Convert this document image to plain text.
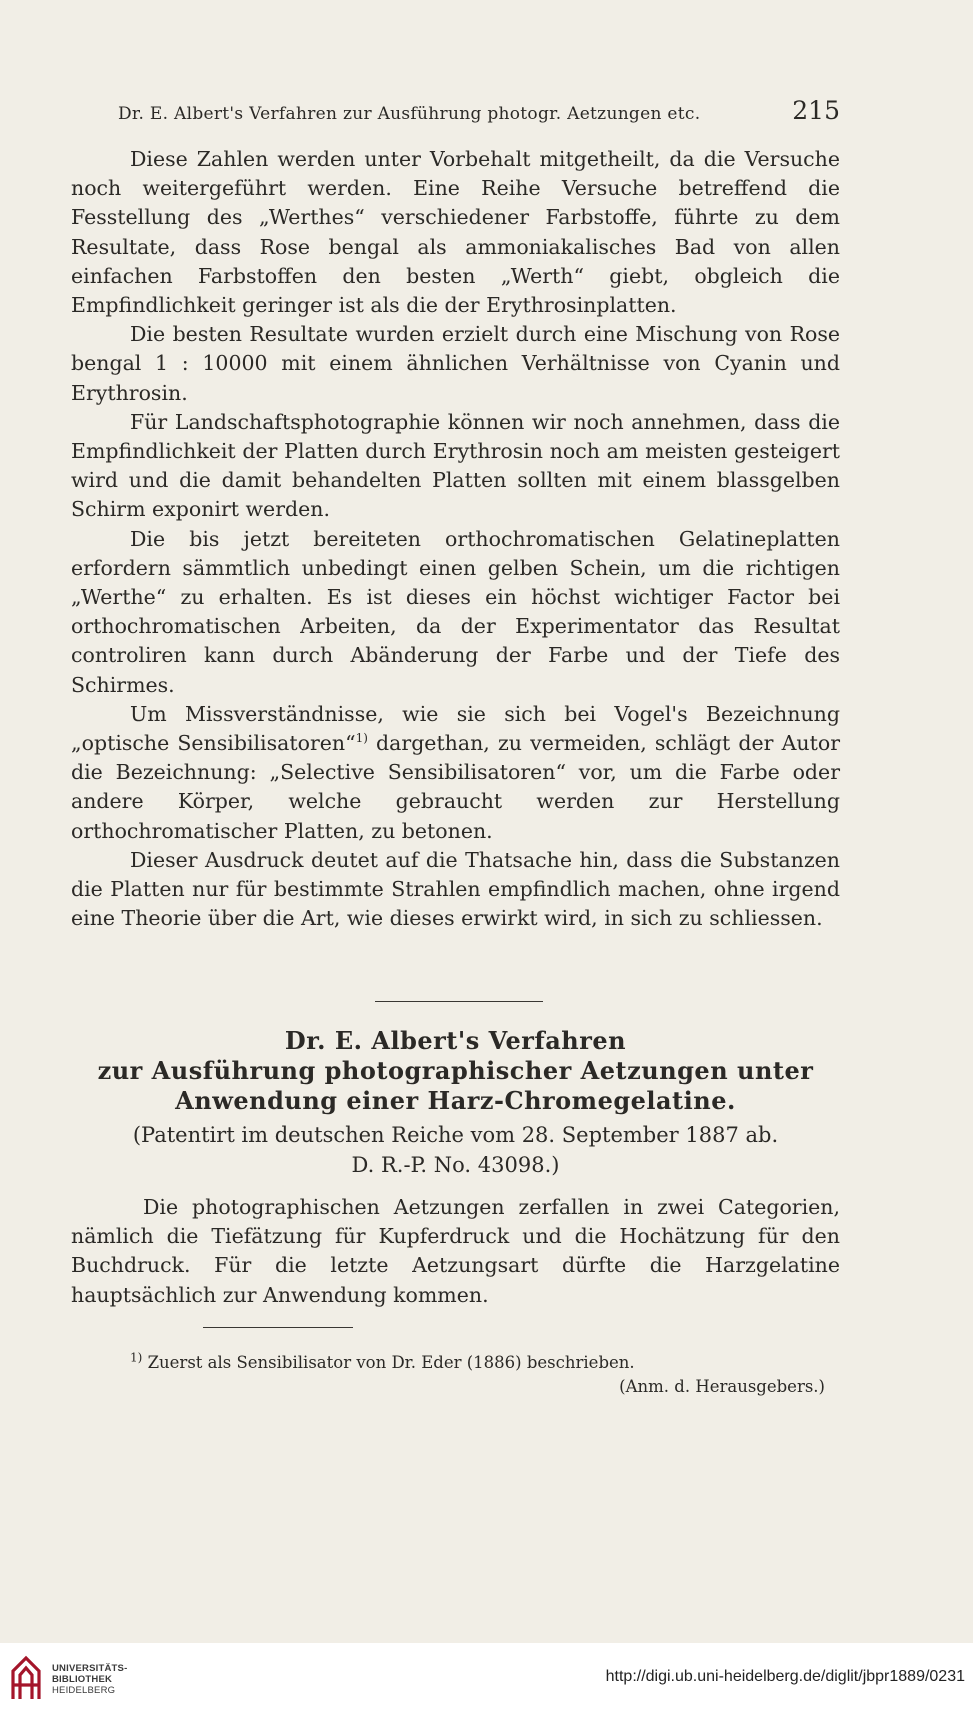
Dr. E. Albert's Verfahren zur Ausführung photogr. Aetzungen etc.	215

Diese Zahlen werden unter Vorbehalt mitgetheilt, da die Versuche noch weitergeführt werden. Eine Reihe Versuche betreffend die Fesstellung des „Werthes“ verschiedener Farbstoffe, führte zu dem Resultate, dass Rose bengal als ammoniakalisches Bad von allen einfachen Farbstoffen den besten „Werth“ giebt, obgleich die Empfindlichkeit geringer ist als die der Erythrosinplatten.

Die besten Resultate wurden erzielt durch eine Mischung von Rose bengal 1 : 10000 mit einem ähnlichen Verhältnisse von Cyanin und Erythrosin.

Für Landschaftsphotographie können wir noch annehmen, dass die Empfindlichkeit der Platten durch Erythrosin noch am meisten gesteigert wird und die damit behandelten Platten sollten mit einem blassgelben Schirm exponirt werden.

Die bis jetzt bereiteten orthochromatischen Gelatineplatten erfordern sämmtlich unbedingt einen gelben Schein, um die richtigen „Werthe“ zu erhalten. Es ist dieses ein höchst wichtiger Factor bei orthochromatischen Arbeiten, da der Experimentator das Resultat controliren kann durch Abänderung der Farbe und der Tiefe des Schirmes.

Um Missverständnisse, wie sie sich bei Vogel's Bezeichnung „optische Sensibilisatoren“$^{1)}$ dargethan, zu vermeiden, schlägt der Autor die Bezeichnung: „Selective Sensibilisatoren“ vor, um die Farbe oder andere Körper, welche gebraucht werden zur Herstellung orthochromatischer Platten, zu betonen.

Dieser Ausdruck deutet auf die Thatsache hin, dass die Substanzen die Platten nur für bestimmte Strahlen empfindlich machen, ohne irgend eine Theorie über die Art, wie dieses erwirkt wird, in sich zu schliessen.

Dr. E. Albert's Verfahren
zur Ausführung photographischer Aetzungen unter
Anwendung einer Harz-Chromegelatine.
(Patentirt im deutschen Reiche vom 28. September 1887 ab.
D. R.-P. No. 43098.)

Die photographischen Aetzungen zerfallen in zwei Categorien, nämlich die Tiefätzung für Kupferdruck und die Hochätzung für den Buchdruck. Für die letzte Aetzungsart dürfte die Harzgelatine hauptsächlich zur Anwendung kommen.

$^{1)}$ Zuerst als Sensibilisator von Dr. Eder (1886) beschrieben.
(Anm. d. Herausgebers.)
UNIVERSITÄTS-
BIBLIOTHEK
HEIDELBERG
http://digi.ub.uni-heidelberg.de/diglit/jbpr1889/0231
